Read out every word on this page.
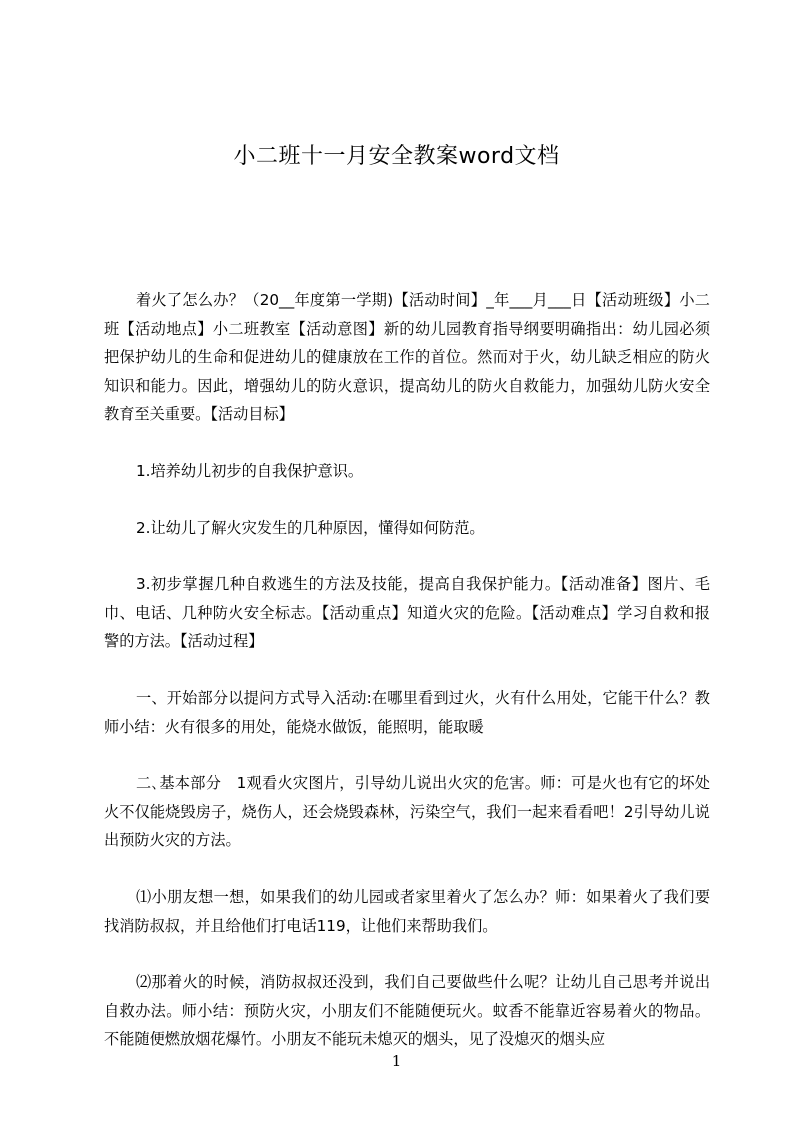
小二班十一月安全教案word文档

着火了怎么办？（20__年度第一学期)【活动时间】_年___月___日【活动班级】小二班【活动地点】小二班教室【活动意图】新的幼儿园教育指导纲要明确指出：幼儿园必须把保护幼儿的生命和促进幼儿的健康放在工作的首位。然而对于火，幼儿缺乏相应的防火知识和能力。因此，增强幼儿的防火意识，提高幼儿的防火自救能力，加强幼儿防火安全教育至关重要。【活动目标】

1.培养幼儿初步的自我保护意识。

2.让幼儿了解火灾发生的几种原因，懂得如何防范。

3.初步掌握几种自救逃生的方法及技能，提高自我保护能力。【活动准备】图片、毛巾、电话、几种防火安全标志。【活动重点】知道火灾的危险。【活动难点】学习自救和报警的方法。【活动过程】

一、开始部分以提问方式导入活动:在哪里看到过火，火有什么用处，它能干什么？教师小结：火有很多的用处，能烧水做饭，能照明，能取暖

二､基本部分　1观看火灾图片，引导幼儿说出火灾的危害。师：可是火也有它的坏处火不仅能烧毁房子，烧伤人，还会烧毁森林，污染空气，我们一起来看看吧！2引导幼儿说出预防火灾的方法。

⑴小朋友想一想，如果我们的幼儿园或者家里着火了怎么办？师：如果着火了我们要找消防叔叔，并且给他们打电话119，让他们来帮助我们。

⑵那着火的时候，消防叔叔还没到，我们自己要做些什么呢？让幼儿自己思考并说出自救办法。师小结：预防火灾，小朋友们不能随便玩火。蚊香不能靠近容易着火的物品。不能随便燃放烟花爆竹。小朋友不能玩未熄灭的烟头，见了没熄灭的烟头应

1
